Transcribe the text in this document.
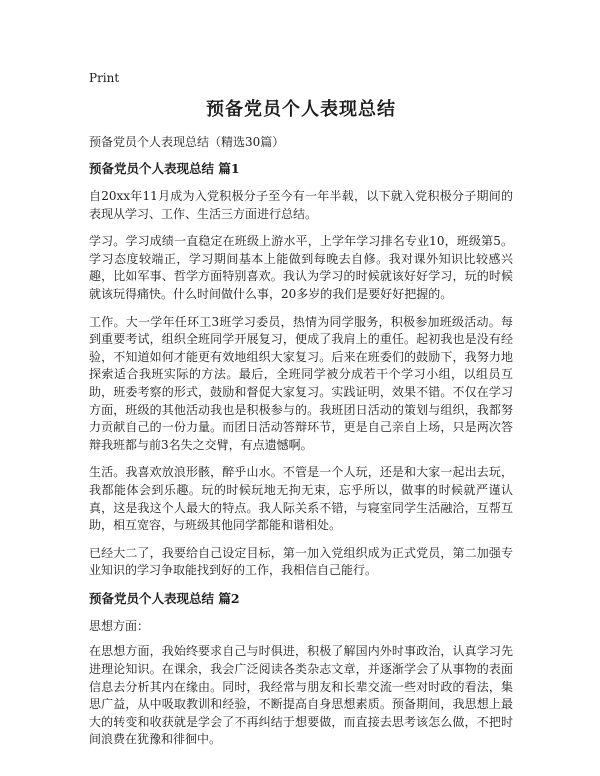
Print
预备党员个人表现总结
预备党员个人表现总结（精选30篇）
预备党员个人表现总结 篇1

自20xx年11月成为入党积极分子至今有一年半载，以下就入党积极分子期间的表现从学习、工作、生活三方面进行总结。

学习。学习成绩一直稳定在班级上游水平，上学年学习排名专业10，班级第5。学习态度较端正，学习期间基本上能做到每晚去自修。我对课外知识比较感兴趣，比如军事、哲学方面特别喜欢。我认为学习的时候就该好好学习，玩的时候就该玩得痛快。什么时间做什么事，20多岁的我们是要好好把握的。

工作。大一学年任环工3班学习委员，热情为同学服务，积极参加班级活动。每到重要考试，组织全班同学开展复习，便成了我肩上的重任。起初我也是没有经验，不知道如何才能更有效地组织大家复习。后来在班委们的鼓励下，我努力地探索适合我班实际的方法。最后，全班同学被分成若干个学习小组，以组员互助，班委考察的形式，鼓励和督促大家复习。实践证明，效果不错。不仅在学习方面，班级的其他活动我也是积极参与的。我班团日活动的策划与组织，我都努力贡献自己的一份力量。而团日活动答辩环节，更是自己亲自上场，只是两次答辩我班都与前3名失之交臂，有点遗憾啊。

生活。我喜欢放浪形骸，醉乎山水。不管是一个人玩，还是和大家一起出去玩，我都能体会到乐趣。玩的时候玩地无拘无束，忘乎所以，做事的时候就严谨认真，这是我这个人最大的特点。我人际关系不错，与寝室同学生活融洽，互帮互助，相互宽容，与班级其他同学都能和谐相处。

已经大二了，我要给自己设定目标，第一加入党组织成为正式党员，第二加强专业知识的学习争取能找到好的工作，我相信自己能行。

预备党员个人表现总结 篇2

思想方面：

在思想方面，我始终要求自己与时俱进，积极了解国内外时事政治，认真学习先进理论知识。在课余，我会广泛阅读各类杂志文章，并逐渐学会了从事物的表面信息去分析其内在缘由。同时，我经常与朋友和长辈交流一些对时政的看法，集思广益，从中吸取教训和经验，不断提高自身思想素质。预备期间，我思想上最大的转变和收获就是学会了不再纠结于想要做，而直接去思考该怎么做，不把时间浪费在犹豫和徘徊中。
